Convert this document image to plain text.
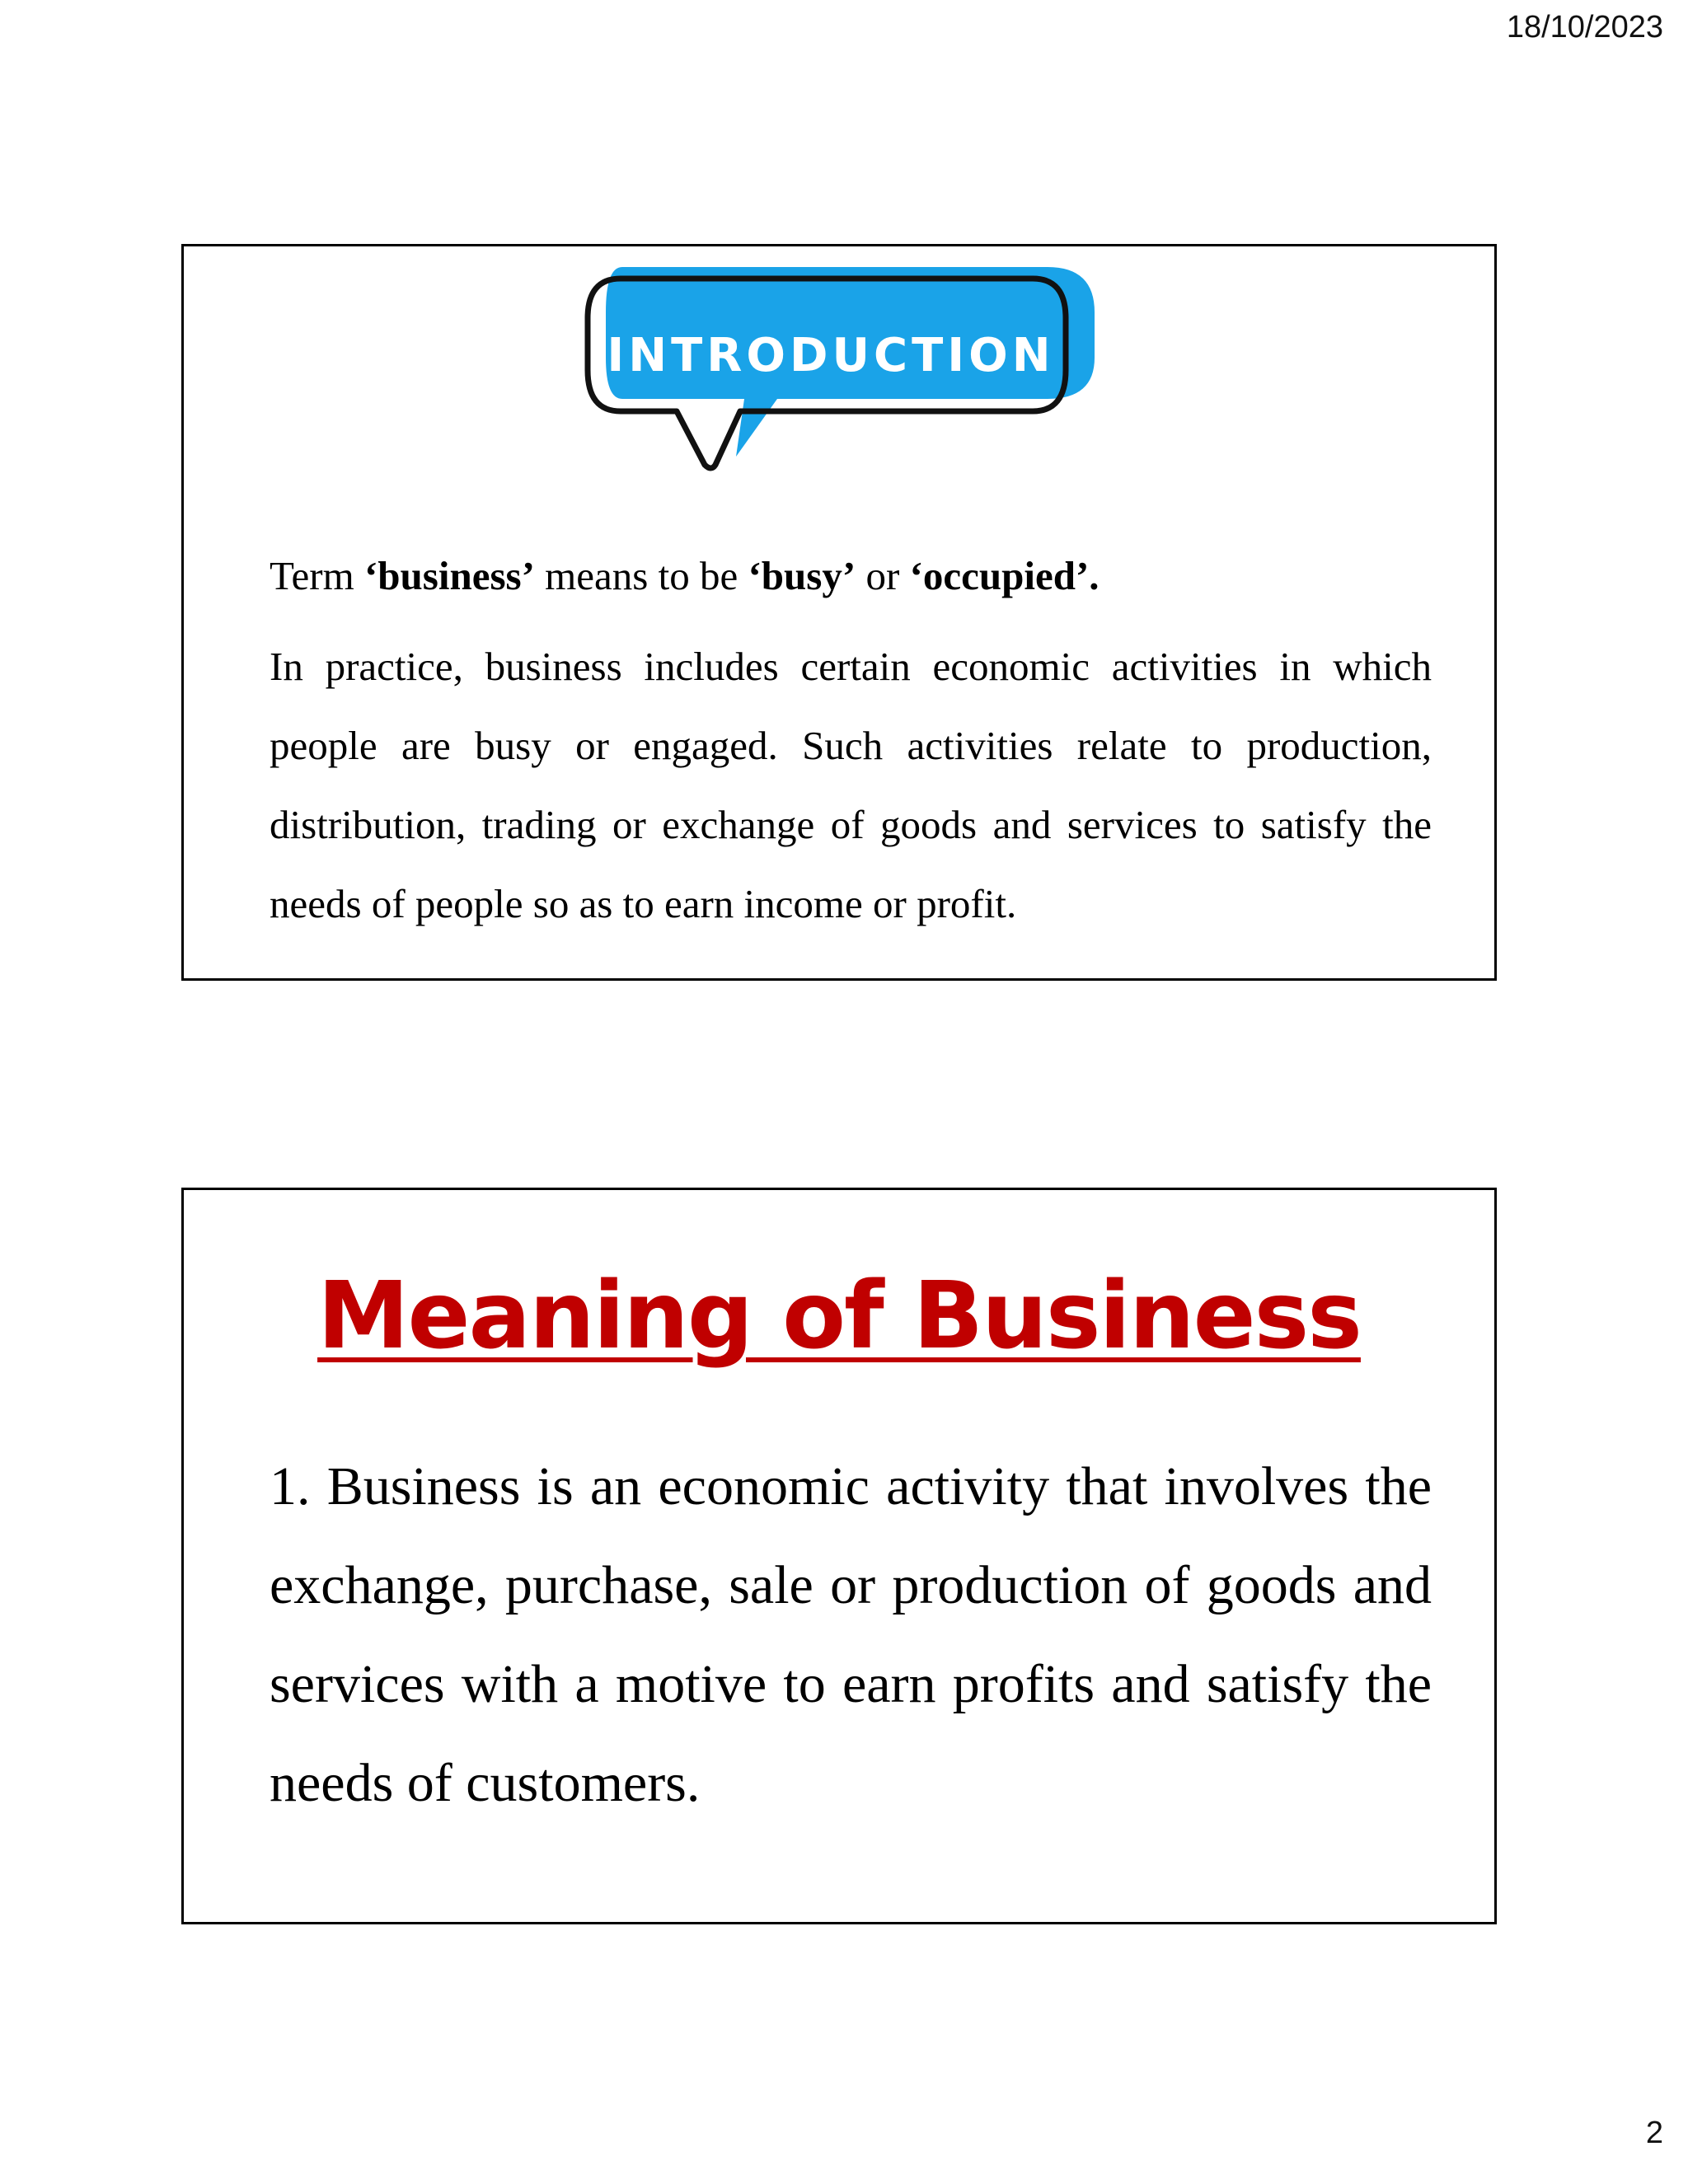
18/10/2023
INTRODUCTION

Term ‘business’ means to be ‘busy’ or ‘occupied’.

In practice, business includes certain economic activities in which people are busy or engaged. Such activities relate to production, distribution, trading or exchange of goods and services to satisfy the needs of people so as to earn income or profit.

Meaning of Business

1. Business is an economic activity that involves the exchange, purchase, sale or production of goods and services with a motive to earn profits and satisfy the needs of customers.

2
